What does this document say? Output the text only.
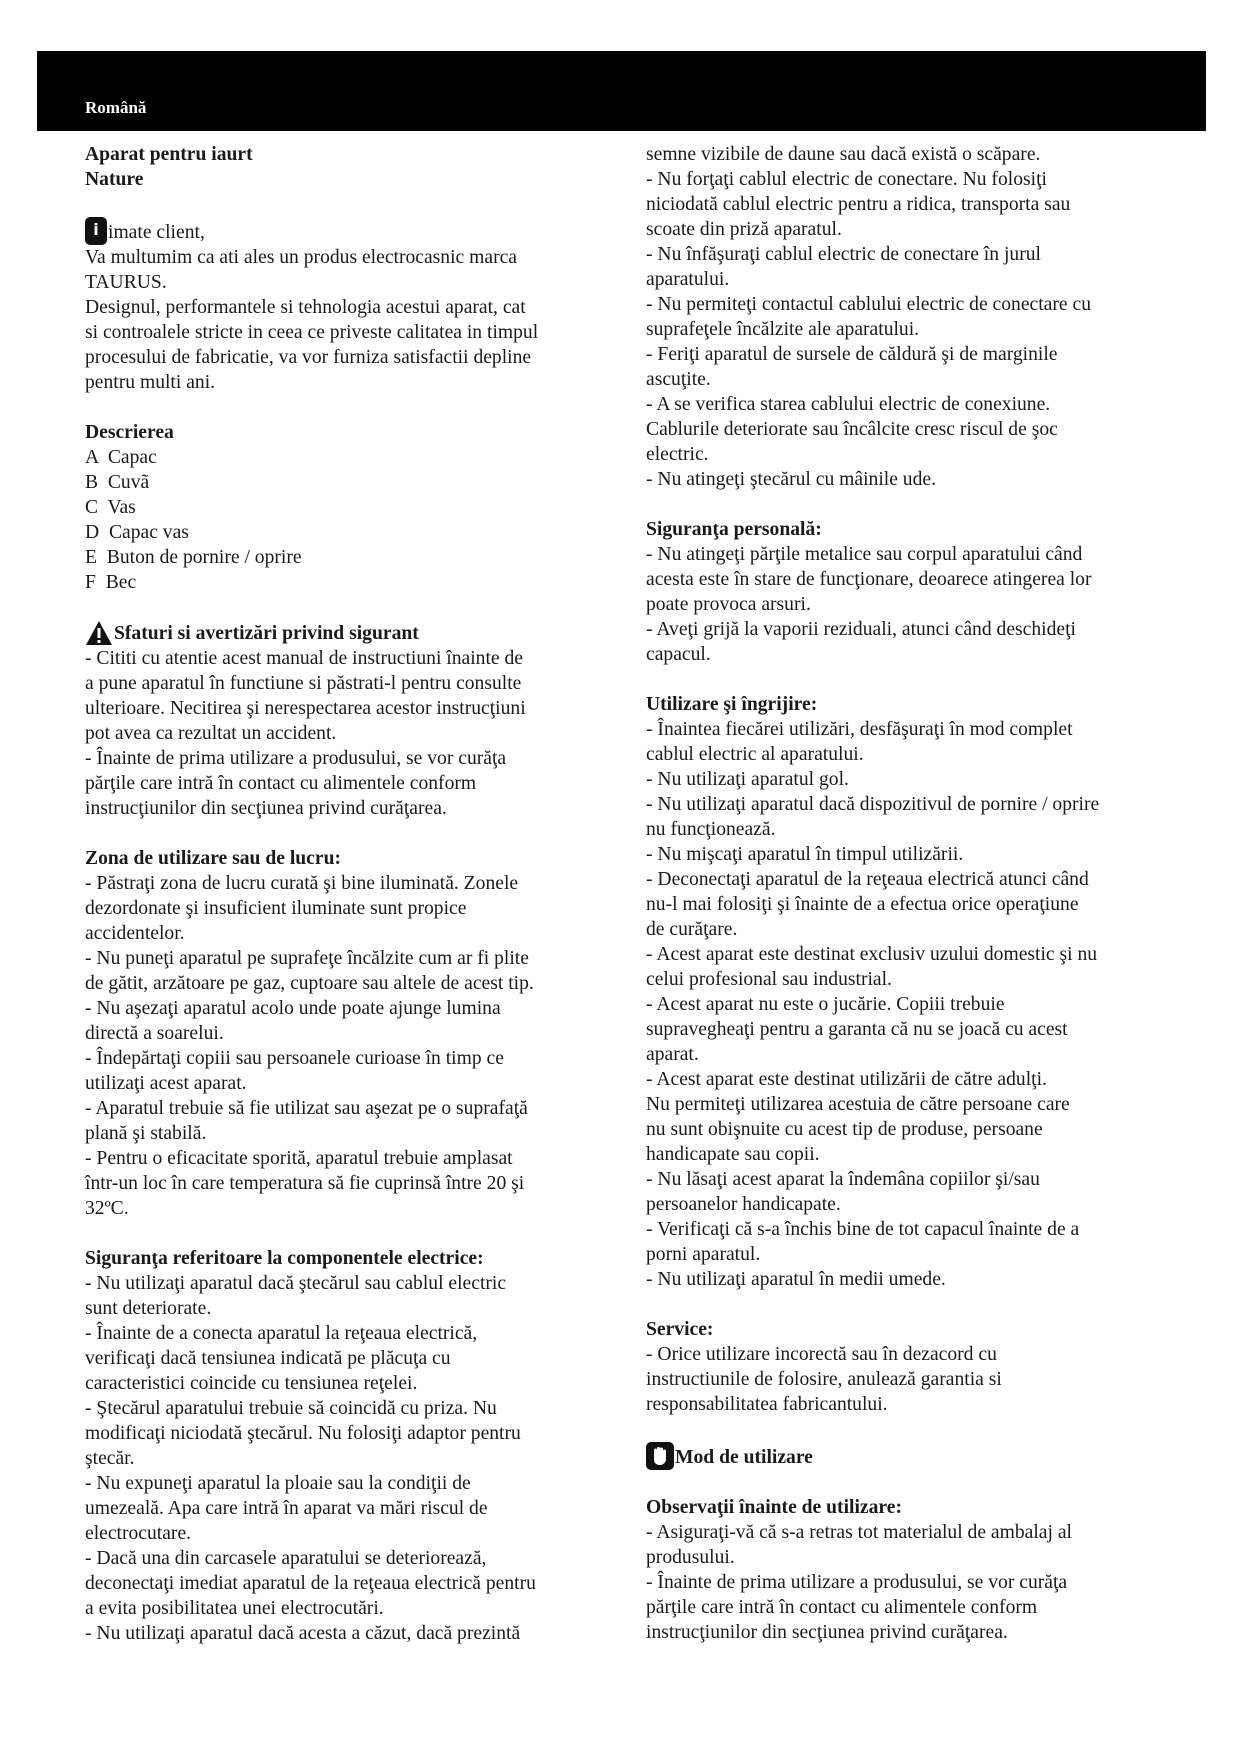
Română
Aparat pentru iaurt
Nature
i imate client,

Va multumim ca ati ales un produs electrocasnic marca

TAURUS.

Designul, performantele si tehnologia acestui aparat, cat

si controalele stricte in ceea ce priveste calitatea in timpul

procesului de fabricatie, va vor furniza satisfactii depline

pentru multi ani.

Descrierea

A  Capac

B  Cuvã

C  Vas

D  Capac vas

E  Buton de pornire / oprire

F  Bec

Sfaturi si avertizări privind sigurant

- Cititi cu atentie acest manual de instructiuni înainte de

a pune aparatul în functiune si păstrati-l pentru consulte

ulterioare. Necitirea şi nerespectarea acestor instrucţiuni

pot avea ca rezultat un accident.

- Înainte de prima utilizare a produsului, se vor curăţa

părţile care intră în contact cu alimentele conform

instrucţiunilor din secţiunea privind curăţarea.

Zona de utilizare sau de lucru:

- Păstraţi zona de lucru curată şi bine iluminată. Zonele

dezordonate şi insuficient iluminate sunt propice

accidentelor.

- Nu puneţi aparatul pe suprafeţe încălzite cum ar fi plite

de gătit, arzătoare pe gaz, cuptoare sau altele de acest tip.

- Nu aşezaţi aparatul acolo unde poate ajunge lumina

directă a soarelui.

- Îndepărtaţi copiii sau persoanele curioase în timp ce

utilizaţi acest aparat.

- Aparatul trebuie să fie utilizat sau aşezat pe o suprafaţă

plană şi stabilă.

- Pentru o eficacitate sporită, aparatul trebuie amplasat

într-un loc în care temperatura să fie cuprinsă între 20 şi

32ºC.

Siguranţa referitoare la componentele electrice:

- Nu utilizaţi aparatul dacă ştecărul sau cablul electric

sunt deteriorate.

- Înainte de a conecta aparatul la reţeaua electrică,

verificaţi dacă tensiunea indicată pe plăcuţa cu

caracteristici coincide cu tensiunea reţelei.

- Ştecărul aparatului trebuie să coincidă cu priza. Nu

modificaţi niciodată ştecărul. Nu folosiţi adaptor pentru

ştecăr.

- Nu expuneţi aparatul la ploaie sau la condiţii de

umezeală. Apa care intră în aparat va mări riscul de

electrocutare.

- Dacă una din carcasele aparatului se deteriorează,

deconectaţi imediat aparatul de la reţeaua electrică pentru

a evita posibilitatea unei electrocutări.

- Nu utilizaţi aparatul dacă acesta a căzut, dacă prezintă

semne vizibile de daune sau dacă există o scăpare.

- Nu forţaţi cablul electric de conectare. Nu folosiţi

niciodată cablul electric pentru a ridica, transporta sau

scoate din priză aparatul.

- Nu înfăşuraţi cablul electric de conectare în jurul

aparatului.

- Nu permiteţi contactul cablului electric de conectare cu

suprafeţele încălzite ale aparatului.

- Feriţi aparatul de sursele de căldură şi de marginile

ascuţite.

- A se verifica starea cablului electric de conexiune.

Cablurile deteriorate sau încâlcite cresc riscul de şoc

electric.

- Nu atingeţi ştecărul cu mâinile ude.

Siguranţa personală:

- Nu atingeţi părţile metalice sau corpul aparatului când

acesta este în stare de funcţionare, deoarece atingerea lor

poate provoca arsuri.

- Aveţi grijă la vaporii reziduali, atunci când deschideţi

capacul.

Utilizare şi îngrijire:

- Înaintea fiecărei utilizări, desfăşuraţi în mod complet

cablul electric al aparatului.

- Nu utilizaţi aparatul gol.

- Nu utilizaţi aparatul dacă dispozitivul de pornire / oprire

nu funcţionează.

- Nu mişcaţi aparatul în timpul utilizării.

- Deconectaţi aparatul de la reţeaua electrică atunci când

nu-l mai folosiţi şi înainte de a efectua orice operaţiune

de curăţare.

- Acest aparat este destinat exclusiv uzului domestic şi nu

celui profesional sau industrial.

- Acest aparat nu este o jucărie. Copiii trebuie

supravegheaţi pentru a garanta că nu se joacă cu acest

aparat.

- Acest aparat este destinat utilizării de către adulţi.

Nu permiteţi utilizarea acestuia de către persoane care

nu sunt obişnuite cu acest tip de produse, persoane

handicapate sau copii.

- Nu lăsaţi acest aparat la îndemâna copiilor şi/sau

persoanelor handicapate.

- Verificaţi că s-a închis bine de tot capacul înainte de a

porni aparatul.

- Nu utilizaţi aparatul în medii umede.

Service:

- Orice utilizare incorectă sau în dezacord cu

instructiunile de folosire, anulează garantia si

responsabilitatea fabricantului.

Mod de utilizare
Observaţii înainte de utilizare:

- Asiguraţi-vă că s-a retras tot materialul de ambalaj al

produsului.

- Înainte de prima utilizare a produsului, se vor curăţa

părţile care intră în contact cu alimentele conform

instrucţiunilor din secţiunea privind curăţarea.
